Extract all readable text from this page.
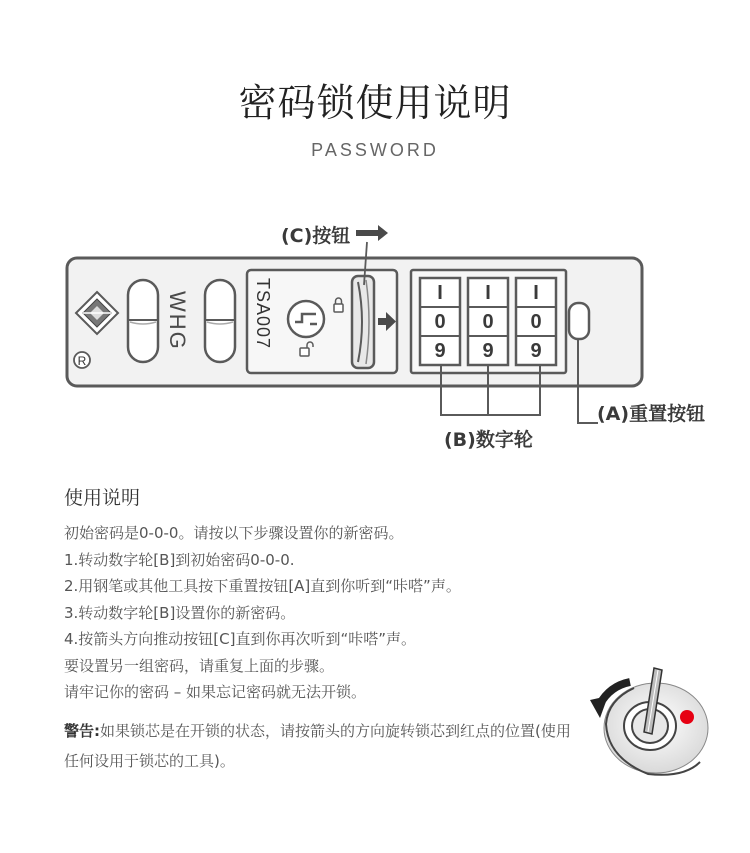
密码锁使用说明
PASSWORD
R
WHG	TSA007	I
0
9
I
0
9
I
0
9
(C)按钮
(A)重置按钮
(B)数字轮
使用说明
初始密码是0-0-0。请按以下步骤设置你的新密码。
1.转动数字轮[B]到初始密码0-0-0.
2.用钢笔或其他工具按下重置按钮[A]直到你听到“咔嗒”声。
3.转动数字轮[B]设置你的新密码。
4.按箭头方向推动按钮[C]直到你再次听到“咔嗒”声。
要设置另一组密码，请重复上面的步骤。
请牢记你的密码 – 如果忘记密码就无法开锁。
警告:如果锁芯是在开锁的状态，请按箭头的方向旋转锁芯到红点的位置(使用任何设用于锁芯的工具)。
